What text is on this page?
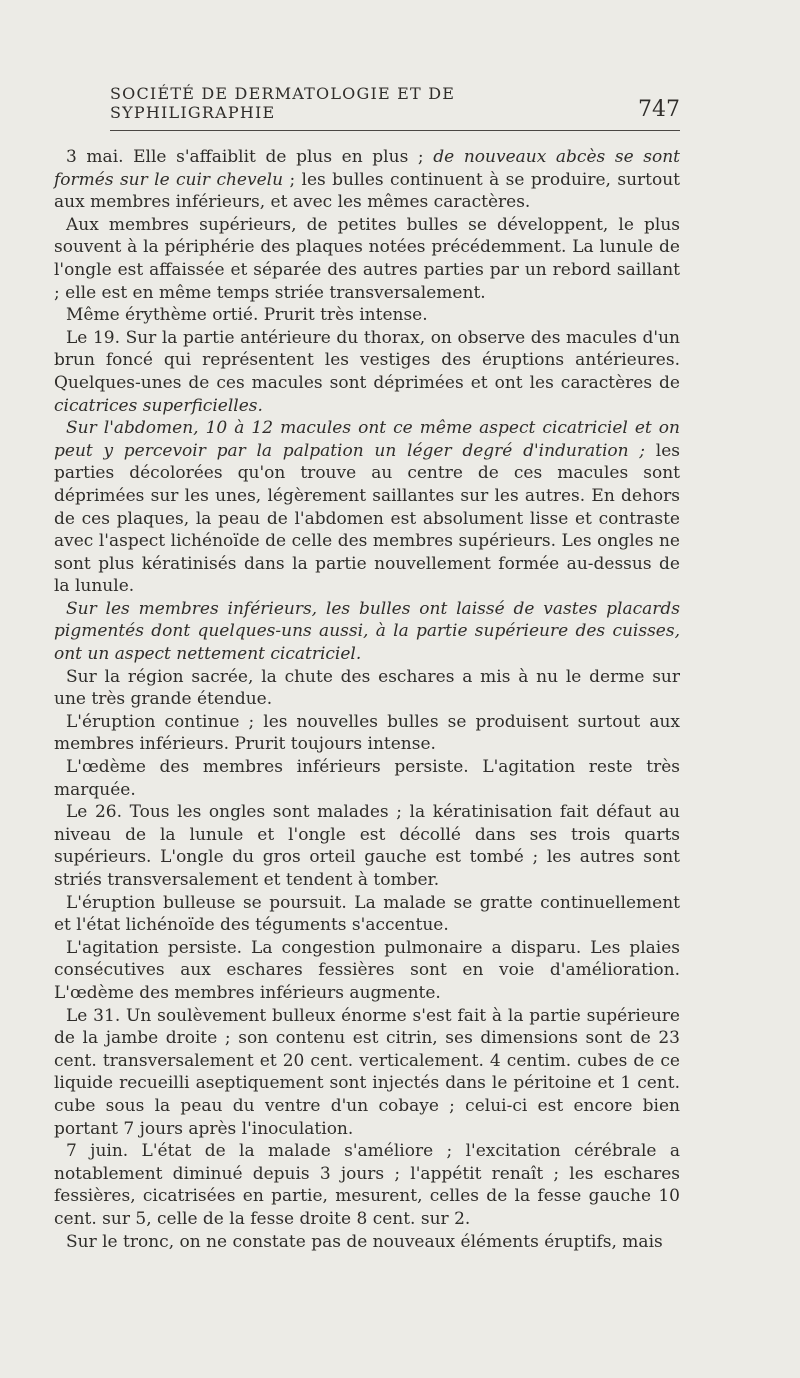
SOCIÉTÉ DE DERMATOLOGIE ET DE SYPHILIGRAPHIE	747

3 mai. Elle s'affaiblit de plus en plus ; de nouveaux abcès se sont formés sur le cuir chevelu ; les bulles continuent à se produire, surtout aux membres inférieurs, et avec les mêmes caractères.

Aux membres supérieurs, de petites bulles se développent, le plus souvent à la périphérie des plaques notées précédemment. La lunule de l'ongle est affaissée et séparée des autres parties par un rebord saillant ; elle est en même temps striée transversalement.

Même érythème ortié. Prurit très intense.

Le 19. Sur la partie antérieure du thorax, on observe des macules d'un brun foncé qui représentent les vestiges des éruptions antérieures. Quelques-unes de ces macules sont déprimées et ont les caractères de cicatrices superficielles.

Sur l'abdomen, 10 à 12 macules ont ce même aspect cicatriciel et on peut y percevoir par la palpation un léger degré d'induration ; les parties décolorées qu'on trouve au centre de ces macules sont déprimées sur les unes, légèrement saillantes sur les autres. En dehors de ces plaques, la peau de l'abdomen est absolument lisse et contraste avec l'aspect lichénoïde de celle des membres supérieurs. Les ongles ne sont plus kératinisés dans la partie nouvellement formée au-dessus de la lunule.

Sur les membres inférieurs, les bulles ont laissé de vastes placards pigmentés dont quelques-uns aussi, à la partie supérieure des cuisses, ont un aspect nettement cicatriciel.

Sur la région sacrée, la chute des eschares a mis à nu le derme sur une très grande étendue.

L'éruption continue ; les nouvelles bulles se produisent surtout aux membres inférieurs. Prurit toujours intense.

L'œdème des membres inférieurs persiste. L'agitation reste très marquée.

Le 26. Tous les ongles sont malades ; la kératinisation fait défaut au niveau de la lunule et l'ongle est décollé dans ses trois quarts supérieurs. L'ongle du gros orteil gauche est tombé ; les autres sont striés transversalement et tendent à tomber.

L'éruption bulleuse se poursuit. La malade se gratte continuellement et l'état lichénoïde des téguments s'accentue.

L'agitation persiste. La congestion pulmonaire a disparu. Les plaies consécutives aux eschares fessières sont en voie d'amélioration. L'œdème des membres inférieurs augmente.

Le 31. Un soulèvement bulleux énorme s'est fait à la partie supérieure de la jambe droite ; son contenu est citrin, ses dimensions sont de 23 cent. transversalement et 20 cent. verticalement. 4 centim. cubes de ce liquide recueilli aseptiquement sont injectés dans le péritoine et 1 cent. cube sous la peau du ventre d'un cobaye ; celui-ci est encore bien portant 7 jours après l'inoculation.

7 juin. L'état de la malade s'améliore ; l'excitation cérébrale a notablement diminué depuis 3 jours ; l'appétit renaît ; les eschares fessières, cicatrisées en partie, mesurent, celles de la fesse gauche 10 cent. sur 5, celle de la fesse droite 8 cent. sur 2.

Sur le tronc, on ne constate pas de nouveaux éléments éruptifs, mais
